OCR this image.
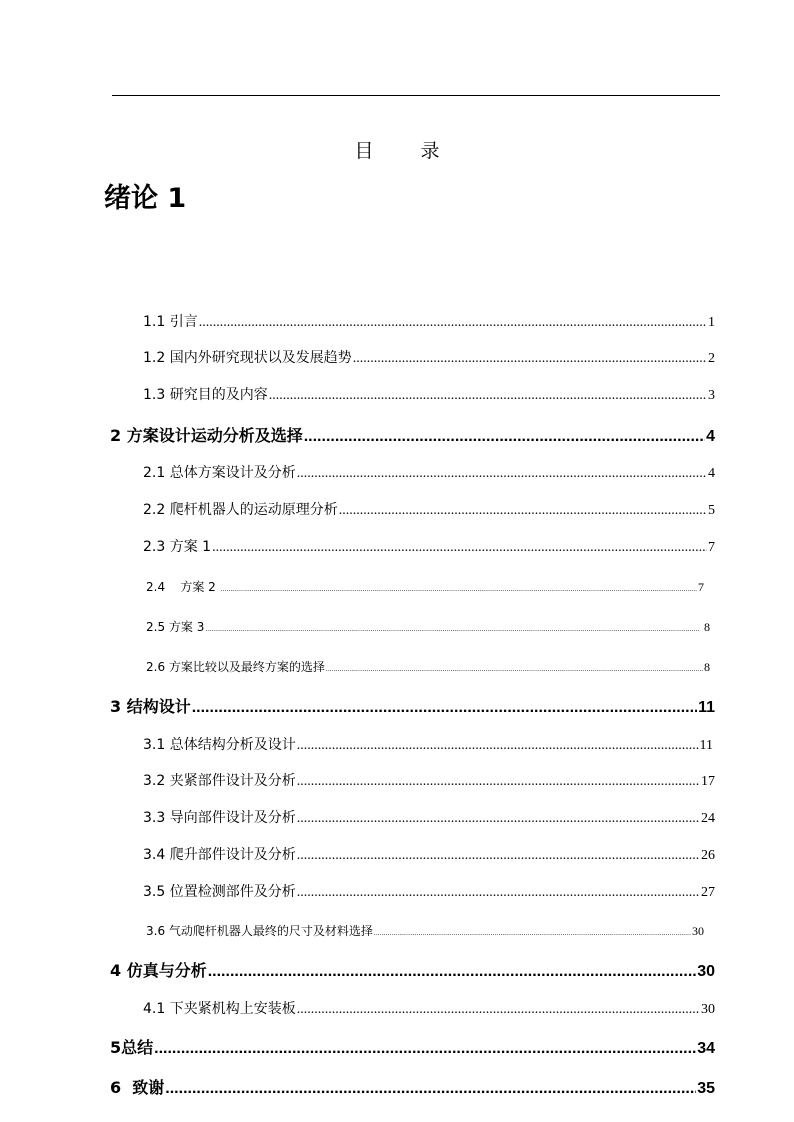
目　录
绪论 1
1.1 引言 .....	1
1.2 国内外研究现状以及发展趋势 .....	2
1.3 研究目的及内容 .....	3
2 方案设计运动分析及选择 .....	4
2.1 总体方案设计及分析 .....	4
2.2 爬杆机器人的运动原理分析 .....	5
2.3 方案 1 .....	7
2.4    方案 2 .....	7
2.5 方案 3 .....	8
2.6 方案比较以及最终方案的选择 .....	8
3 结构设计 .....	11
3.1 总体结构分析及设计 .....	11
3.2 夹紧部件设计及分析 .....	17
3.3 导向部件设计及分析 .....	24
3.4 爬升部件设计及分析 .....	26
3.5 位置检测部件及分析 .....	27
3.6 气动爬杆机器人最终的尺寸及材料选择 .....	30
4 仿真与分析 .....	30
4.1 下夹紧机构上安装板 .....	30
5总结 .....	34
6  致谢 .....	35
